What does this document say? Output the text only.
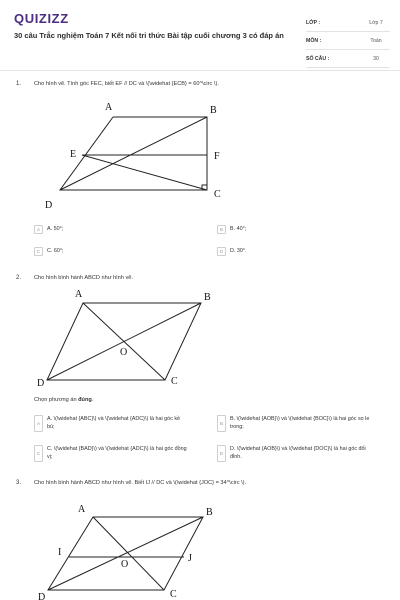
QUIZIZZ
30 câu Trắc nghiệm Toán 7 Kết nối tri thức Bài tập cuối chương 3 có đáp án
LỚP :	Lớp 7
MÔN :	Toán
SỐ CÂU :	30
1. Cho hình vẽ. Tính góc FEC, biết EF // DC và \(\widehat {ECB} = 60^\circ \).
A	B
E	F
C
D
A	A. 50°;	B	B. 40°;
C	C. 60°;	D	D. 30°.
2. Cho hình bình hành ABCD như hình vẽ.
A	B
O
D	C
Chọn phương án đúng.
A
A. \(\widehat {ABC}\) và \(\widehat {ADC}\) là hai góc kề bù;
B
B. \(\widehat {AOB}\) và \(\widehat {BOC}\) là hai góc so le trong;
C
C. \(\widehat {BAD}\) và \(\widehat {ADC}\) là hai góc đồng vị;
D
D. \(\widehat {AOB}\) và \(\widehat {DOC}\) là hai góc đối đỉnh.
3. Cho hình bình hành ABCD như hình vẽ. Biết IJ // DC và \(\widehat {JOC} = 34^\circ \).
A	B
I
O
J
D	C
